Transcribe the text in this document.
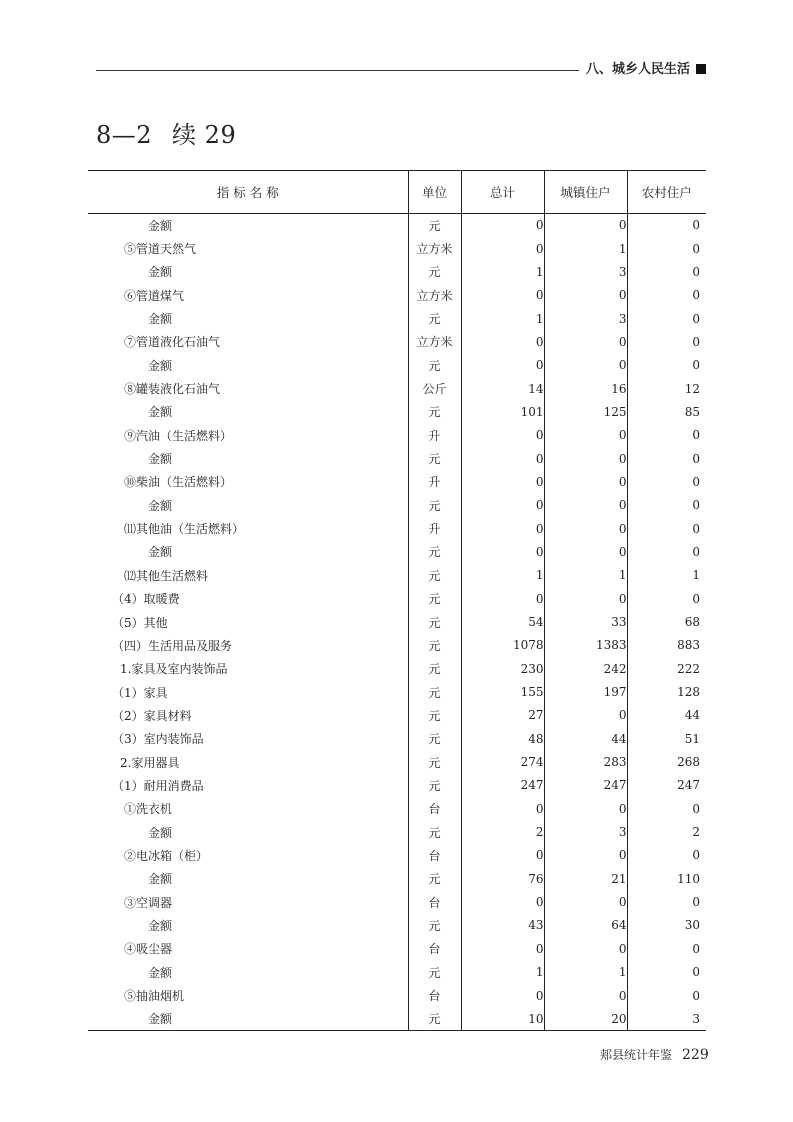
八、城乡人民生活
8—2 续 29
指 标 名 称	单位	总计	城镇住户	农村住户
金额	元	0	0	0
⑤管道天然气	立方米	0	1	0
金额	元	1	3	0
⑥管道煤气	立方米	0	0	0
金额	元	1	3	0
⑦管道液化石油气	立方米	0	0	0
金额	元	0	0	0
⑧罐装液化石油气	公斤	14	16	12
金额	元	101	125	85
⑨汽油（生活燃料）	升	0	0	0
金额	元	0	0	0
⑩柴油（生活燃料）	升	0	0	0
金额	元	0	0	0
⑾其他油（生活燃料）	升	0	0	0
金额	元	0	0	0
⑿其他生活燃料	元	1	1	1
（4）取暖费	元	0	0	0
（5）其他	元	54	33	68
（四）生活用品及服务	元	1078	1383	883
1.家具及室内装饰品	元	230	242	222
（1）家具	元	155	197	128
（2）家具材料	元	27	0	44
（3）室内装饰品	元	48	44	51
2.家用器具	元	274	283	268
（1）耐用消费品	元	247	247	247
①洗衣机	台	0	0	0
金额	元	2	3	2
②电冰箱（柜）	台	0	0	0
金额	元	76	21	110
③空调器	台	0	0	0
金额	元	43	64	30
④吸尘器	台	0	0	0
金额	元	1	1	0
⑤抽油烟机	台	0	0	0
金额	元	10	20	3
郏县统计年鉴 229
